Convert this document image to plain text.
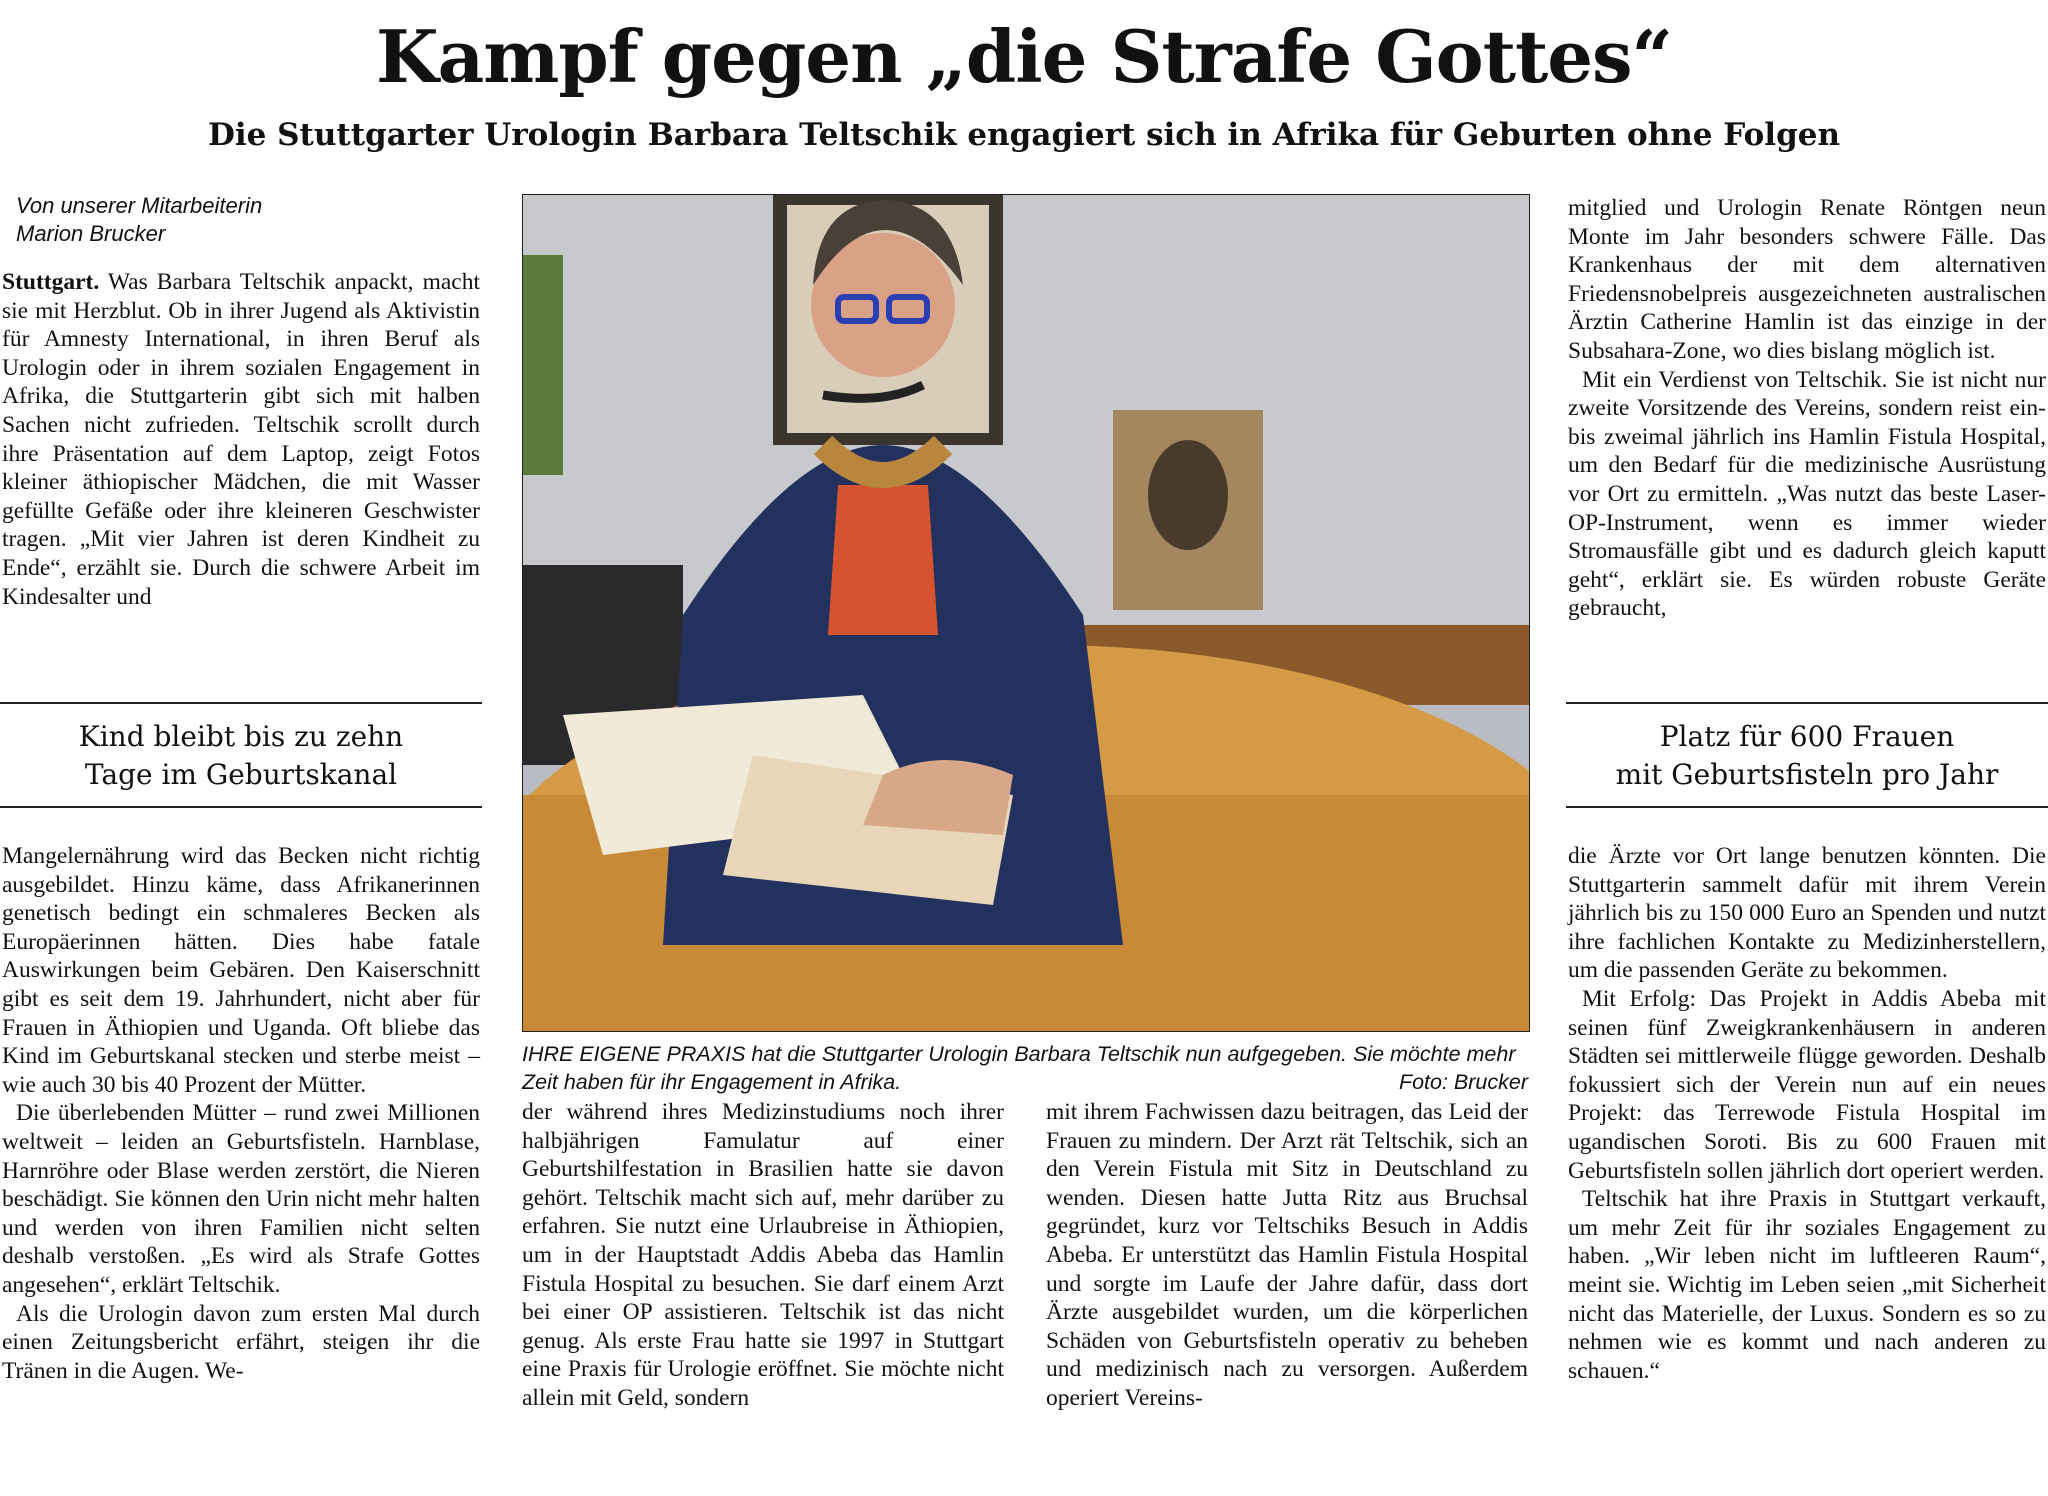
Kampf gegen „die Strafe Gottes“
Die Stuttgarter Urologin Barbara Teltschik engagiert sich in Afrika für Geburten ohne Folgen
Von unserer Mitarbeiterin
Marion Brucker

Stuttgart. Was Barbara Teltschik anpackt, macht sie mit Herzblut. Ob in ihrer Jugend als Aktivistin für Amnesty International, in ihren Beruf als Urologin oder in ihrem sozialen Engagement in Afrika, die Stuttgarterin gibt sich mit halben Sachen nicht zufrieden. Teltschik scrollt durch ihre Präsentation auf dem Laptop, zeigt Fotos kleiner äthiopischer Mädchen, die mit Wasser gefüllte Gefäße oder ihre kleineren Geschwister tragen. „Mit vier Jahren ist deren Kindheit zu Ende“, erzählt sie. Durch die schwere Arbeit im Kindesalter und

Kind bleibt bis zu zehn
Tage im Geburtskanal

Mangelernährung wird das Becken nicht richtig ausgebildet. Hinzu käme, dass Afrikanerinnen genetisch bedingt ein schmaleres Becken als Europäerinnen hätten. Dies habe fatale Auswirkungen beim Gebären. Den Kaiserschnitt gibt es seit dem 19. Jahrhundert, nicht aber für Frauen in Äthiopien und Uganda. Oft bliebe das Kind im Geburtskanal stecken und sterbe meist – wie auch 30 bis 40 Prozent der Mütter.

Die überlebenden Mütter – rund zwei Millionen weltweit – leiden an Geburtsfisteln. Harnblase, Harnröhre oder Blase werden zerstört, die Nieren beschädigt. Sie können den Urin nicht mehr halten und werden von ihren Familien nicht selten deshalb verstoßen. „Es wird als Strafe Gottes angesehen“, erklärt Teltschik.

Als die Urologin davon zum ersten Mal durch einen Zeitungsbericht erfährt, steigen ihr die Tränen in die Augen. We-

IHRE EIGENE PRAXIS hat die Stuttgarter Urologin Barbara Teltschik nun aufgegeben. Sie möchte mehr Zeit haben für ihr Engagement in Afrika.	Foto: Brucker

der während ihres Medizinstudiums noch ihrer halbjährigen Famulatur auf einer Geburtshilfestation in Brasilien hatte sie davon gehört. Teltschik macht sich auf, mehr darüber zu erfahren. Sie nutzt eine Urlaubreise in Äthiopien, um in der Hauptstadt Addis Abeba das Hamlin Fistula Hospital zu besuchen. Sie darf einem Arzt bei einer OP assistieren. Teltschik ist das nicht genug. Als erste Frau hatte sie 1997 in Stuttgart eine Praxis für Urologie eröffnet. Sie möchte nicht allein mit Geld, sondern

mit ihrem Fachwissen dazu beitragen, das Leid der Frauen zu mindern. Der Arzt rät Teltschik, sich an den Verein Fistula mit Sitz in Deutschland zu wenden. Diesen hatte Jutta Ritz aus Bruchsal gegründet, kurz vor Teltschiks Besuch in Addis Abeba. Er unterstützt das Hamlin Fistula Hospital und sorgte im Laufe der Jahre dafür, dass dort Ärzte ausgebildet wurden, um die körperlichen Schäden von Geburtsfisteln operativ zu beheben und medizinisch nach zu versorgen. Außerdem operiert Vereins-

mitglied und Urologin Renate Röntgen neun Monte im Jahr besonders schwere Fälle. Das Krankenhaus der mit dem alternativen Friedensnobelpreis ausgezeichneten australischen Ärztin Catherine Hamlin ist das einzige in der Subsahara-Zone, wo dies bislang möglich ist.

Mit ein Verdienst von Teltschik. Sie ist nicht nur zweite Vorsitzende des Vereins, sondern reist ein- bis zweimal jährlich ins Hamlin Fistula Hospital, um den Bedarf für die medizinische Ausrüstung vor Ort zu ermitteln. „Was nutzt das beste Laser-OP-Instrument, wenn es immer wieder Stromausfälle gibt und es dadurch gleich kaputt geht“, erklärt sie. Es würden robuste Geräte gebraucht,

Platz für 600 Frauen
mit Geburtsfisteln pro Jahr

die Ärzte vor Ort lange benutzen könnten. Die Stuttgarterin sammelt dafür mit ihrem Verein jährlich bis zu 150 000 Euro an Spenden und nutzt ihre fachlichen Kontakte zu Medizinherstellern, um die passenden Geräte zu bekommen.

Mit Erfolg: Das Projekt in Addis Abeba mit seinen fünf Zweigkrankenhäusern in anderen Städten sei mittlerweile flügge geworden. Deshalb fokussiert sich der Verein nun auf ein neues Projekt: das Terrewode Fistula Hospital im ugandischen Soroti. Bis zu 600 Frauen mit Geburtsfisteln sollen jährlich dort operiert werden.

Teltschik hat ihre Praxis in Stuttgart verkauft, um mehr Zeit für ihr soziales Engagement zu haben. „Wir leben nicht im luftleeren Raum“, meint sie. Wichtig im Leben seien „mit Sicherheit nicht das Materielle, der Luxus. Sondern es so zu nehmen wie es kommt und nach anderen zu schauen.“
